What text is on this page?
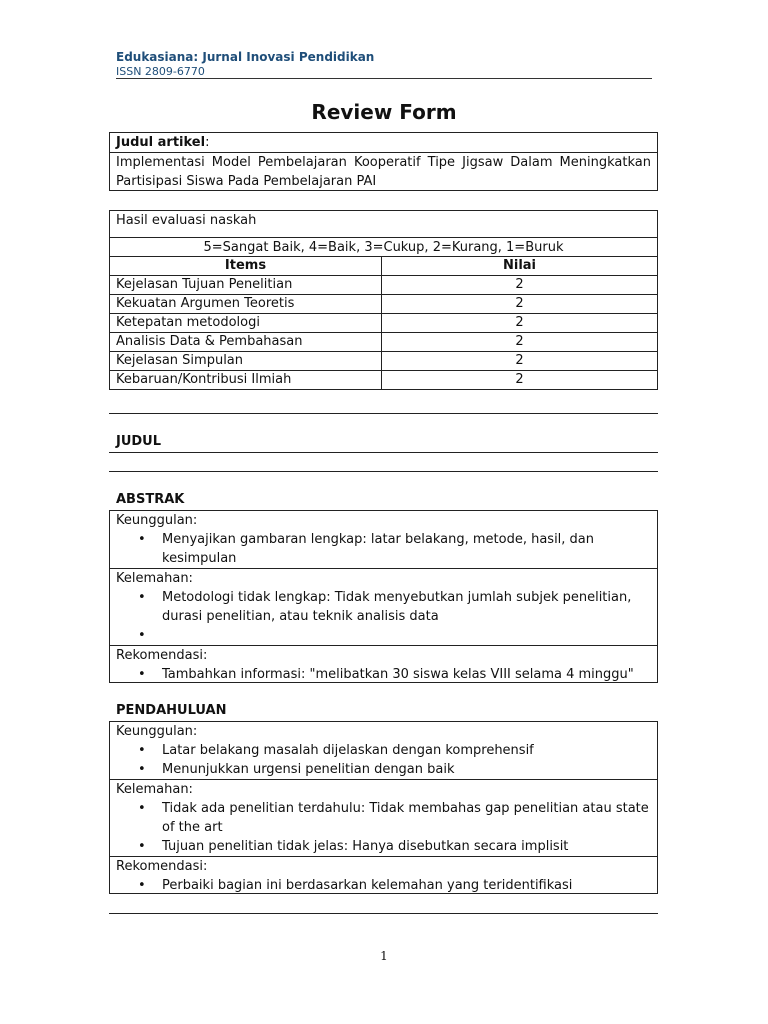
Edukasiana: Jurnal Inovasi Pendidikan
ISSN 2809-6770
Review Form
Judul artikel:
Implementasi Model Pembelajaran Kooperatif Tipe Jigsaw Dalam Meningkatkan Partisipasi Siswa Pada Pembelajaran PAI
Hasil evaluasi naskah
5=Sangat Baik, 4=Baik, 3=Cukup, 2=Kurang, 1=Buruk
Items	Nilai
Kejelasan Tujuan Penelitian	2
Kekuatan Argumen Teoretis	2
Ketepatan metodologi	2
Analisis Data & Pembahasan	2
Kejelasan Simpulan	2
Kebaruan/Kontribusi Ilmiah	2
JUDUL
ABSTRAK
Keunggulan:
• Menyajikan gambaran lengkap: latar belakang, metode, hasil, dan kesimpulan
Kelemahan:
• Metodologi tidak lengkap: Tidak menyebutkan jumlah subjek penelitian, durasi penelitian, atau teknik analisis data
•
Rekomendasi:
• Tambahkan informasi: "melibatkan 30 siswa kelas VIII selama 4 minggu"
PENDAHULUAN
Keunggulan:
• Latar belakang masalah dijelaskan dengan komprehensif
• Menunjukkan urgensi penelitian dengan baik
Kelemahan:
• Tidak ada penelitian terdahulu: Tidak membahas gap penelitian atau state of the art
• Tujuan penelitian tidak jelas: Hanya disebutkan secara implisit
Rekomendasi:
• Perbaiki bagian ini berdasarkan kelemahan yang teridentifikasi
1
